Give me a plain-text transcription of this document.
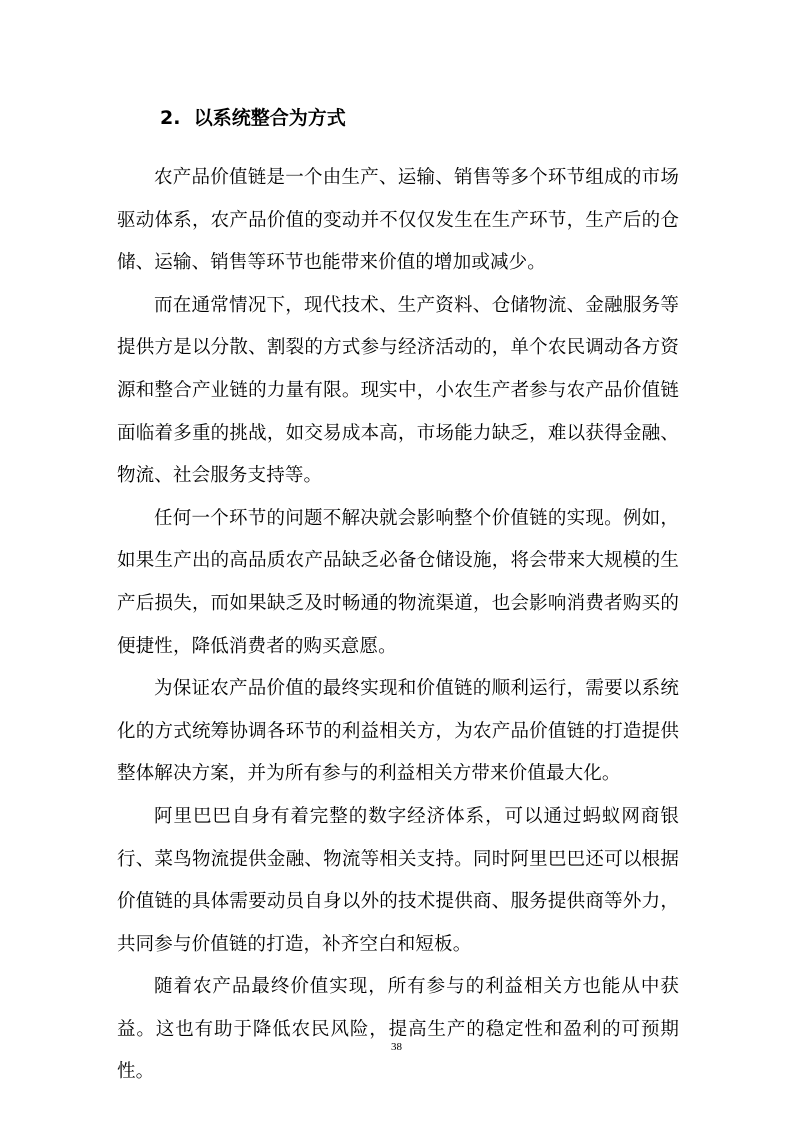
2. 以系统整合为方式

农产品价值链是一个由生产、运输、销售等多个环节组成的市场驱动体系，农产品价值的变动并不仅仅发生在生产环节，生产后的仓储、运输、销售等环节也能带来价值的增加或减少。

而在通常情况下，现代技术、生产资料、仓储物流、金融服务等提供方是以分散、割裂的方式参与经济活动的，单个农民调动各方资源和整合产业链的力量有限。现实中，小农生产者参与农产品价值链面临着多重的挑战，如交易成本高，市场能力缺乏，难以获得金融、物流、社会服务支持等。

任何一个环节的问题不解决就会影响整个价值链的实现。例如，如果生产出的高品质农产品缺乏必备仓储设施，将会带来大规模的生产后损失，而如果缺乏及时畅通的物流渠道，也会影响消费者购买的便捷性，降低消费者的购买意愿。

为保证农产品价值的最终实现和价值链的顺利运行，需要以系统化的方式统筹协调各环节的利益相关方，为农产品价值链的打造提供整体解决方案，并为所有参与的利益相关方带来价值最大化。

阿里巴巴自身有着完整的数字经济体系，可以通过蚂蚁网商银行、菜鸟物流提供金融、物流等相关支持。同时阿里巴巴还可以根据价值链的具体需要动员自身以外的技术提供商、服务提供商等外力，共同参与价值链的打造，补齐空白和短板。

随着农产品最终价值实现，所有参与的利益相关方也能从中获益。这也有助于降低农民风险，提高生产的稳定性和盈利的可预期性。

38
